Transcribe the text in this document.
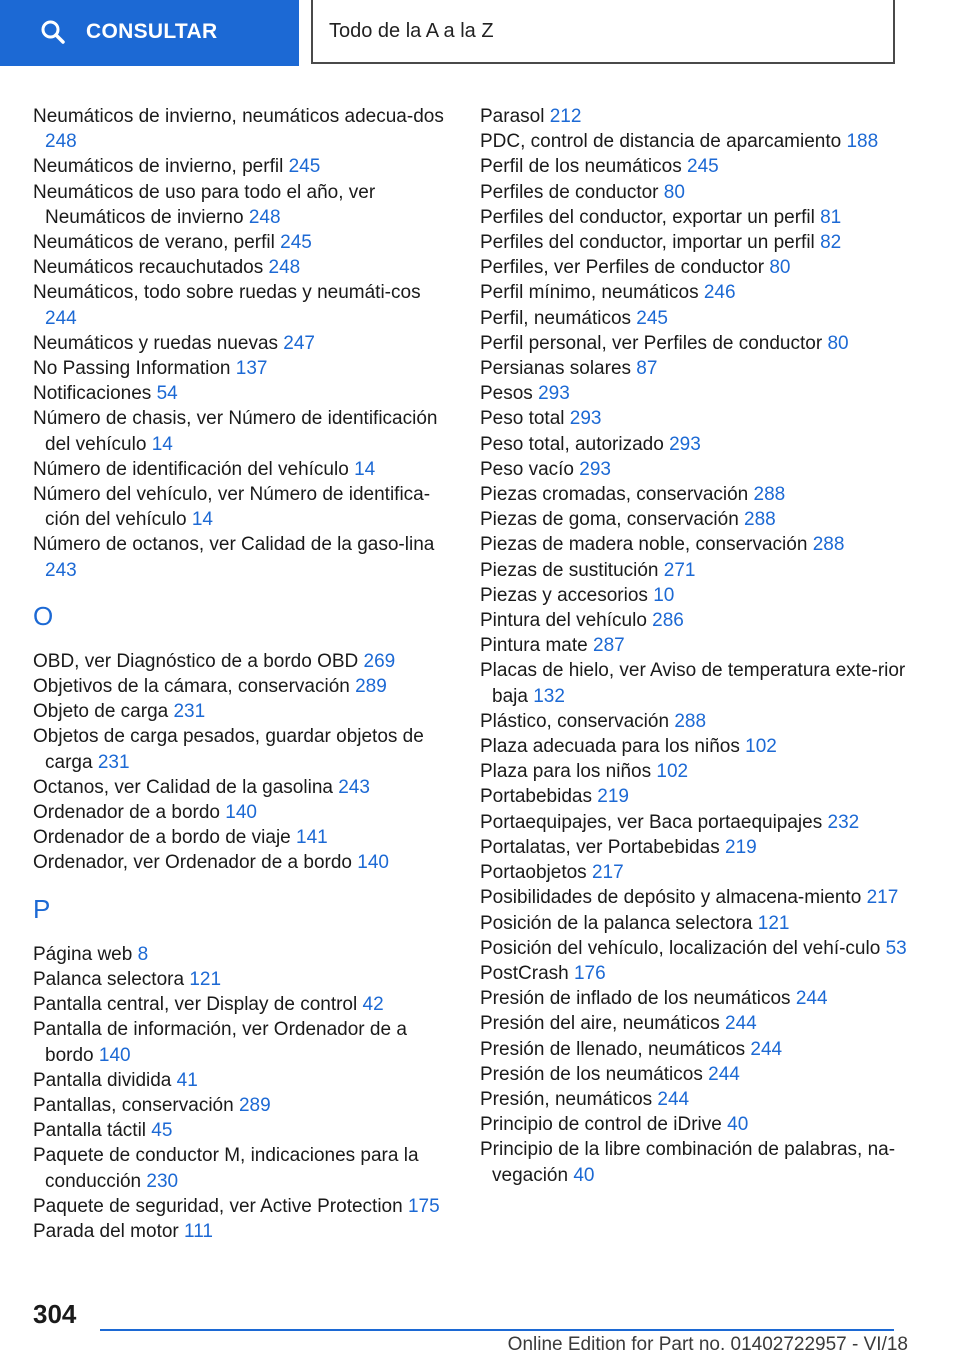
CONSULTAR	Todo de la A a la Z
Neumáticos de invierno, neumáticos adecua-dos 248
Neumáticos de invierno, perfil 245
Neumáticos de uso para todo el año, ver Neumáticos de invierno 248
Neumáticos de verano, perfil 245
Neumáticos recauchutados 248
Neumáticos, todo sobre ruedas y neumáti-cos 244
Neumáticos y ruedas nuevas 247
No Passing Information 137
Notificaciones 54
Número de chasis, ver Número de identificación del vehículo 14
Número de identificación del vehículo 14
Número del vehículo, ver Número de identifica-ción del vehículo 14
Número de octanos, ver Calidad de la gaso-lina 243
O
OBD, ver Diagnóstico de a bordo OBD 269
Objetivos de la cámara, conservación 289
Objeto de carga 231
Objetos de carga pesados, guardar objetos de carga 231
Octanos, ver Calidad de la gasolina 243
Ordenador de a bordo 140
Ordenador de a bordo de viaje 141
Ordenador, ver Ordenador de a bordo 140
P
Página web 8
Palanca selectora 121
Pantalla central, ver Display de control 42
Pantalla de información, ver Ordenador de a bordo 140
Pantalla dividida 41
Pantallas, conservación 289
Pantalla táctil 45
Paquete de conductor M, indicaciones para la conducción 230
Paquete de seguridad, ver Active Protection 175
Parada del motor 111
Parasol 212
PDC, control de distancia de aparcamiento 188
Perfil de los neumáticos 245
Perfiles de conductor 80
Perfiles del conductor, exportar un perfil 81
Perfiles del conductor, importar un perfil 82
Perfiles, ver Perfiles de conductor 80
Perfil mínimo, neumáticos 246
Perfil, neumáticos 245
Perfil personal, ver Perfiles de conductor 80
Persianas solares 87
Pesos 293
Peso total 293
Peso total, autorizado 293
Peso vacío 293
Piezas cromadas, conservación 288
Piezas de goma, conservación 288
Piezas de madera noble, conservación 288
Piezas de sustitución 271
Piezas y accesorios 10
Pintura del vehículo 286
Pintura mate 287
Placas de hielo, ver Aviso de temperatura exte-rior baja 132
Plástico, conservación 288
Plaza adecuada para los niños 102
Plaza para los niños 102
Portabebidas 219
Portaequipajes, ver Baca portaequipajes 232
Portalatas, ver Portabebidas 219
Portaobjetos 217
Posibilidades de depósito y almacena-miento 217
Posición de la palanca selectora 121
Posición del vehículo, localización del vehí-culo 53
PostCrash 176
Presión de inflado de los neumáticos 244
Presión del aire, neumáticos 244
Presión de llenado, neumáticos 244
Presión de los neumáticos 244
Presión, neumáticos 244
Principio de control de iDrive 40
Principio de la libre combinación de palabras, na-vegación 40
304
Online Edition for Part no. 01402722957 - VI/18
